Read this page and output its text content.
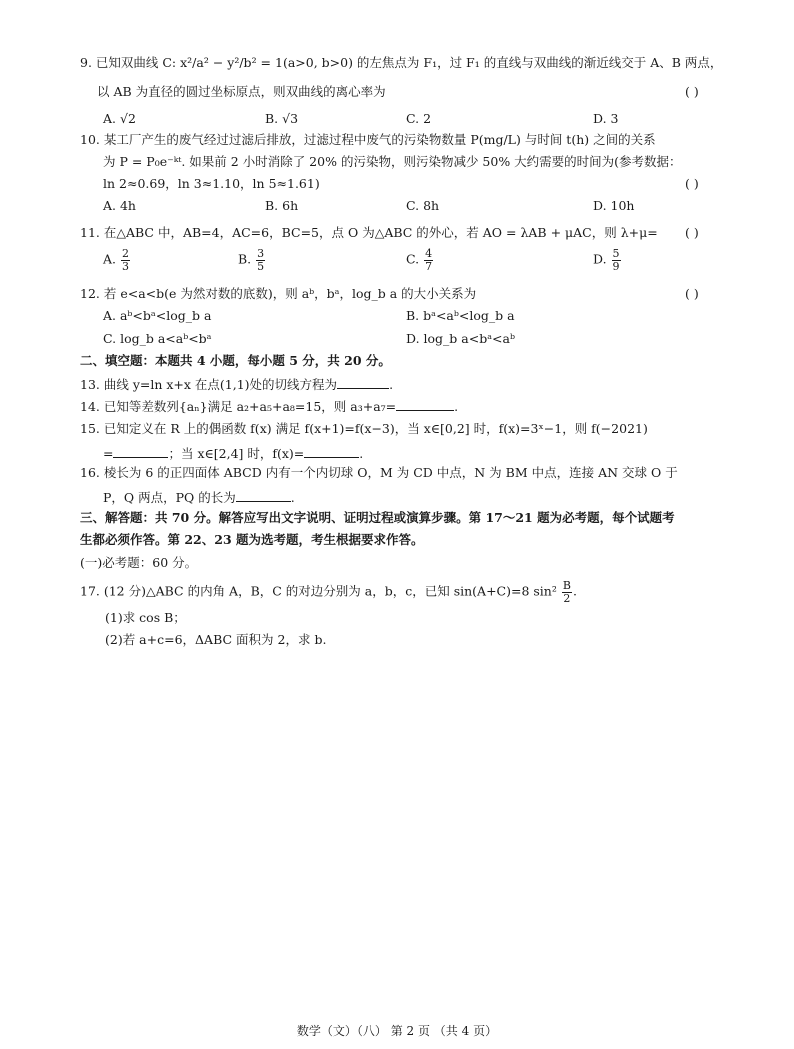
9. 已知双曲线 C: x²/a² − y²/b² = 1(a>0, b>0) 的左焦点为 F₁，过 F₁ 的直线与双曲线的渐近线交于 A、B 两点，
以 AB 为直径的圆过坐标原点，则双曲线的离心率为	( )
A. √2	B. √3	C. 2	D. 3
10. 某工厂产生的废气经过过滤后排放，过滤过程中废气的污染物数量 P(mg/L) 与时间 t(h) 之间的关系
为 P = P₀e⁻ᵏᵗ. 如果前 2 小时消除了 20% 的污染物，则污染物减少 50% 大约需要的时间为(参考数据：
ln 2≈0.69，ln 3≈1.10，ln 5≈1.61)	( )
A. 4h	B. 6h	C. 8h	D. 10h
11. 在△ABC 中，AB=4，AC=6，BC=5，点 O 为△ABC 的外心，若 AO = λAB + μAC，则 λ+μ= ( )
A. $\frac{2}{3}$	B. $\frac{3}{5}$	C. $\frac{4}{7}$	D. $\frac{5}{9}$
12. 若 e<a<b(e 为然对数的底数)，则 aᵇ，bᵃ，log_b a 的大小关系为	( )
A. aᵇ<bᵃ<log_b a	B. bᵃ<aᵇ<log_b a
C. log_b a<aᵇ<bᵃ	D. log_b a<bᵃ<aᵇ
二、填空题：本题共 4 小题，每小题 5 分，共 20 分。
13. 曲线 y=ln x+x 在点(1,1)处的切线方程为	.
14. 已知等差数列{aₙ}满足 a₂+a₅+a₈=15，则 a₃+a₇=	.
15. 已知定义在 R 上的偶函数 f(x) 满足 f(x+1)=f(x−3)，当 x∈[0,2] 时，f(x)=3ˣ−1，则 f(−2021)
=	；当 x∈[2,4] 时，f(x)=	.
16. 棱长为 6 的正四面体 ABCD 内有一个内切球 O，M 为 CD 中点，N 为 BM 中点，连接 AN 交球 O 于
P，Q 两点，PQ 的长为	.
三、解答题：共 70 分。解答应写出文字说明、证明过程或演算步骤。第 17～21 题为必考题，每个试题考
生都必须作答。第 22、23 题为选考题，考生根据要求作答。
(一)必考题：60 分。
17. (12 分)△ABC 的内角 A，B，C 的对边分别为 a，b，c，已知 sin(A+C)=8 $\sin^2 \frac{B}{2}$ .
(1)求 cos B；
(2)若 a+c=6，ΔABC 面积为 2，求 b.
数学（文）（八） 第 2 页 （共 4 页）
